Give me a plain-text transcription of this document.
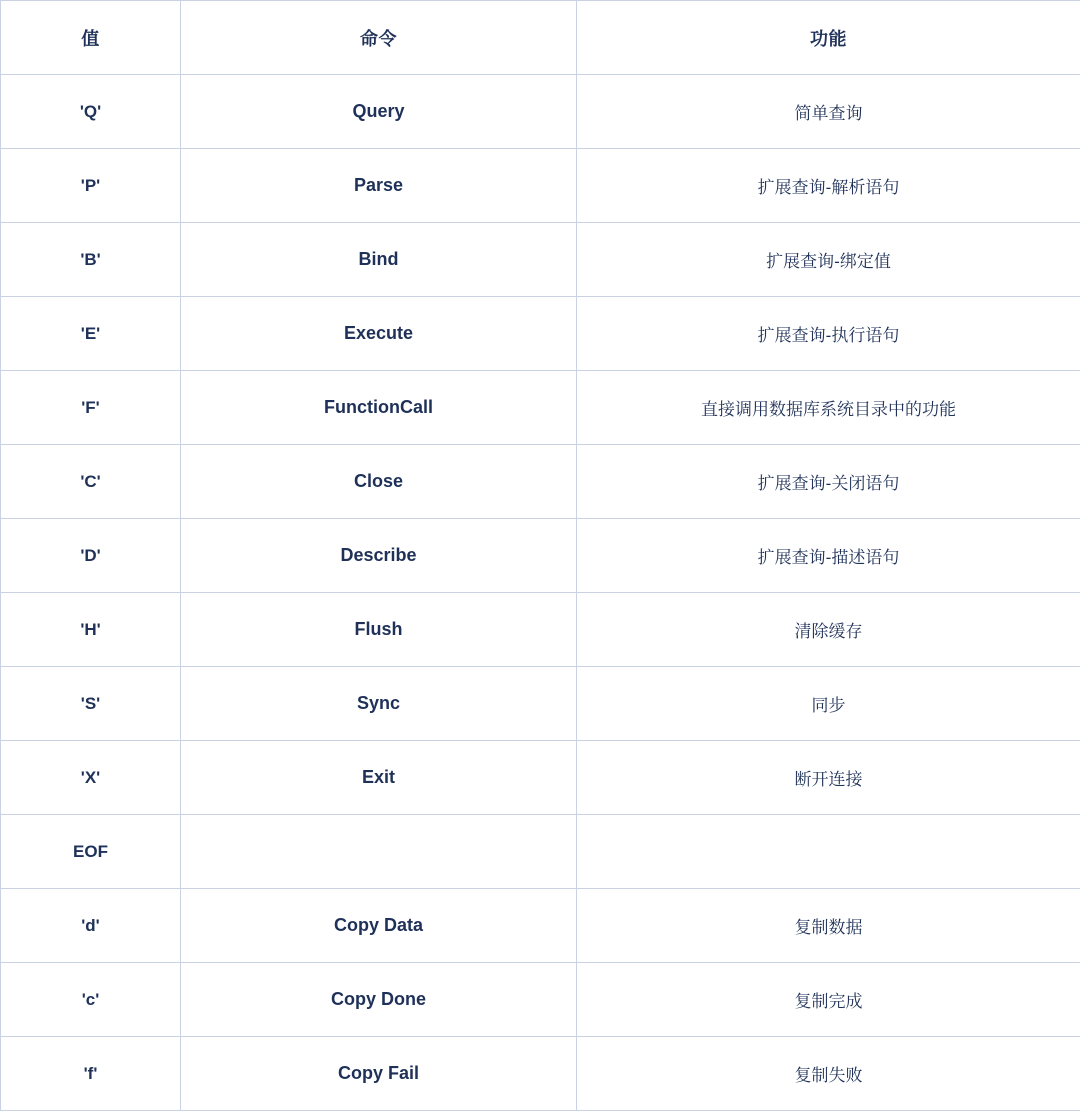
值	命令	功能
'Q'	Query	简单查询
'P'	Parse	扩展查询-解析语句
'B'	Bind	扩展查询-绑定值
'E'	Execute	扩展查询-执行语句
'F'	FunctionCall	直接调用数据库系统目录中的功能
'C'	Close	扩展查询-关闭语句
'D'	Describe	扩展查询-描述语句
'H'	Flush	清除缓存
'S'	Sync	同步
'X'	Exit	断开连接
EOF		
'd'	Copy Data	复制数据
'c'	Copy Done	复制完成
'f'	Copy Fail	复制失败
